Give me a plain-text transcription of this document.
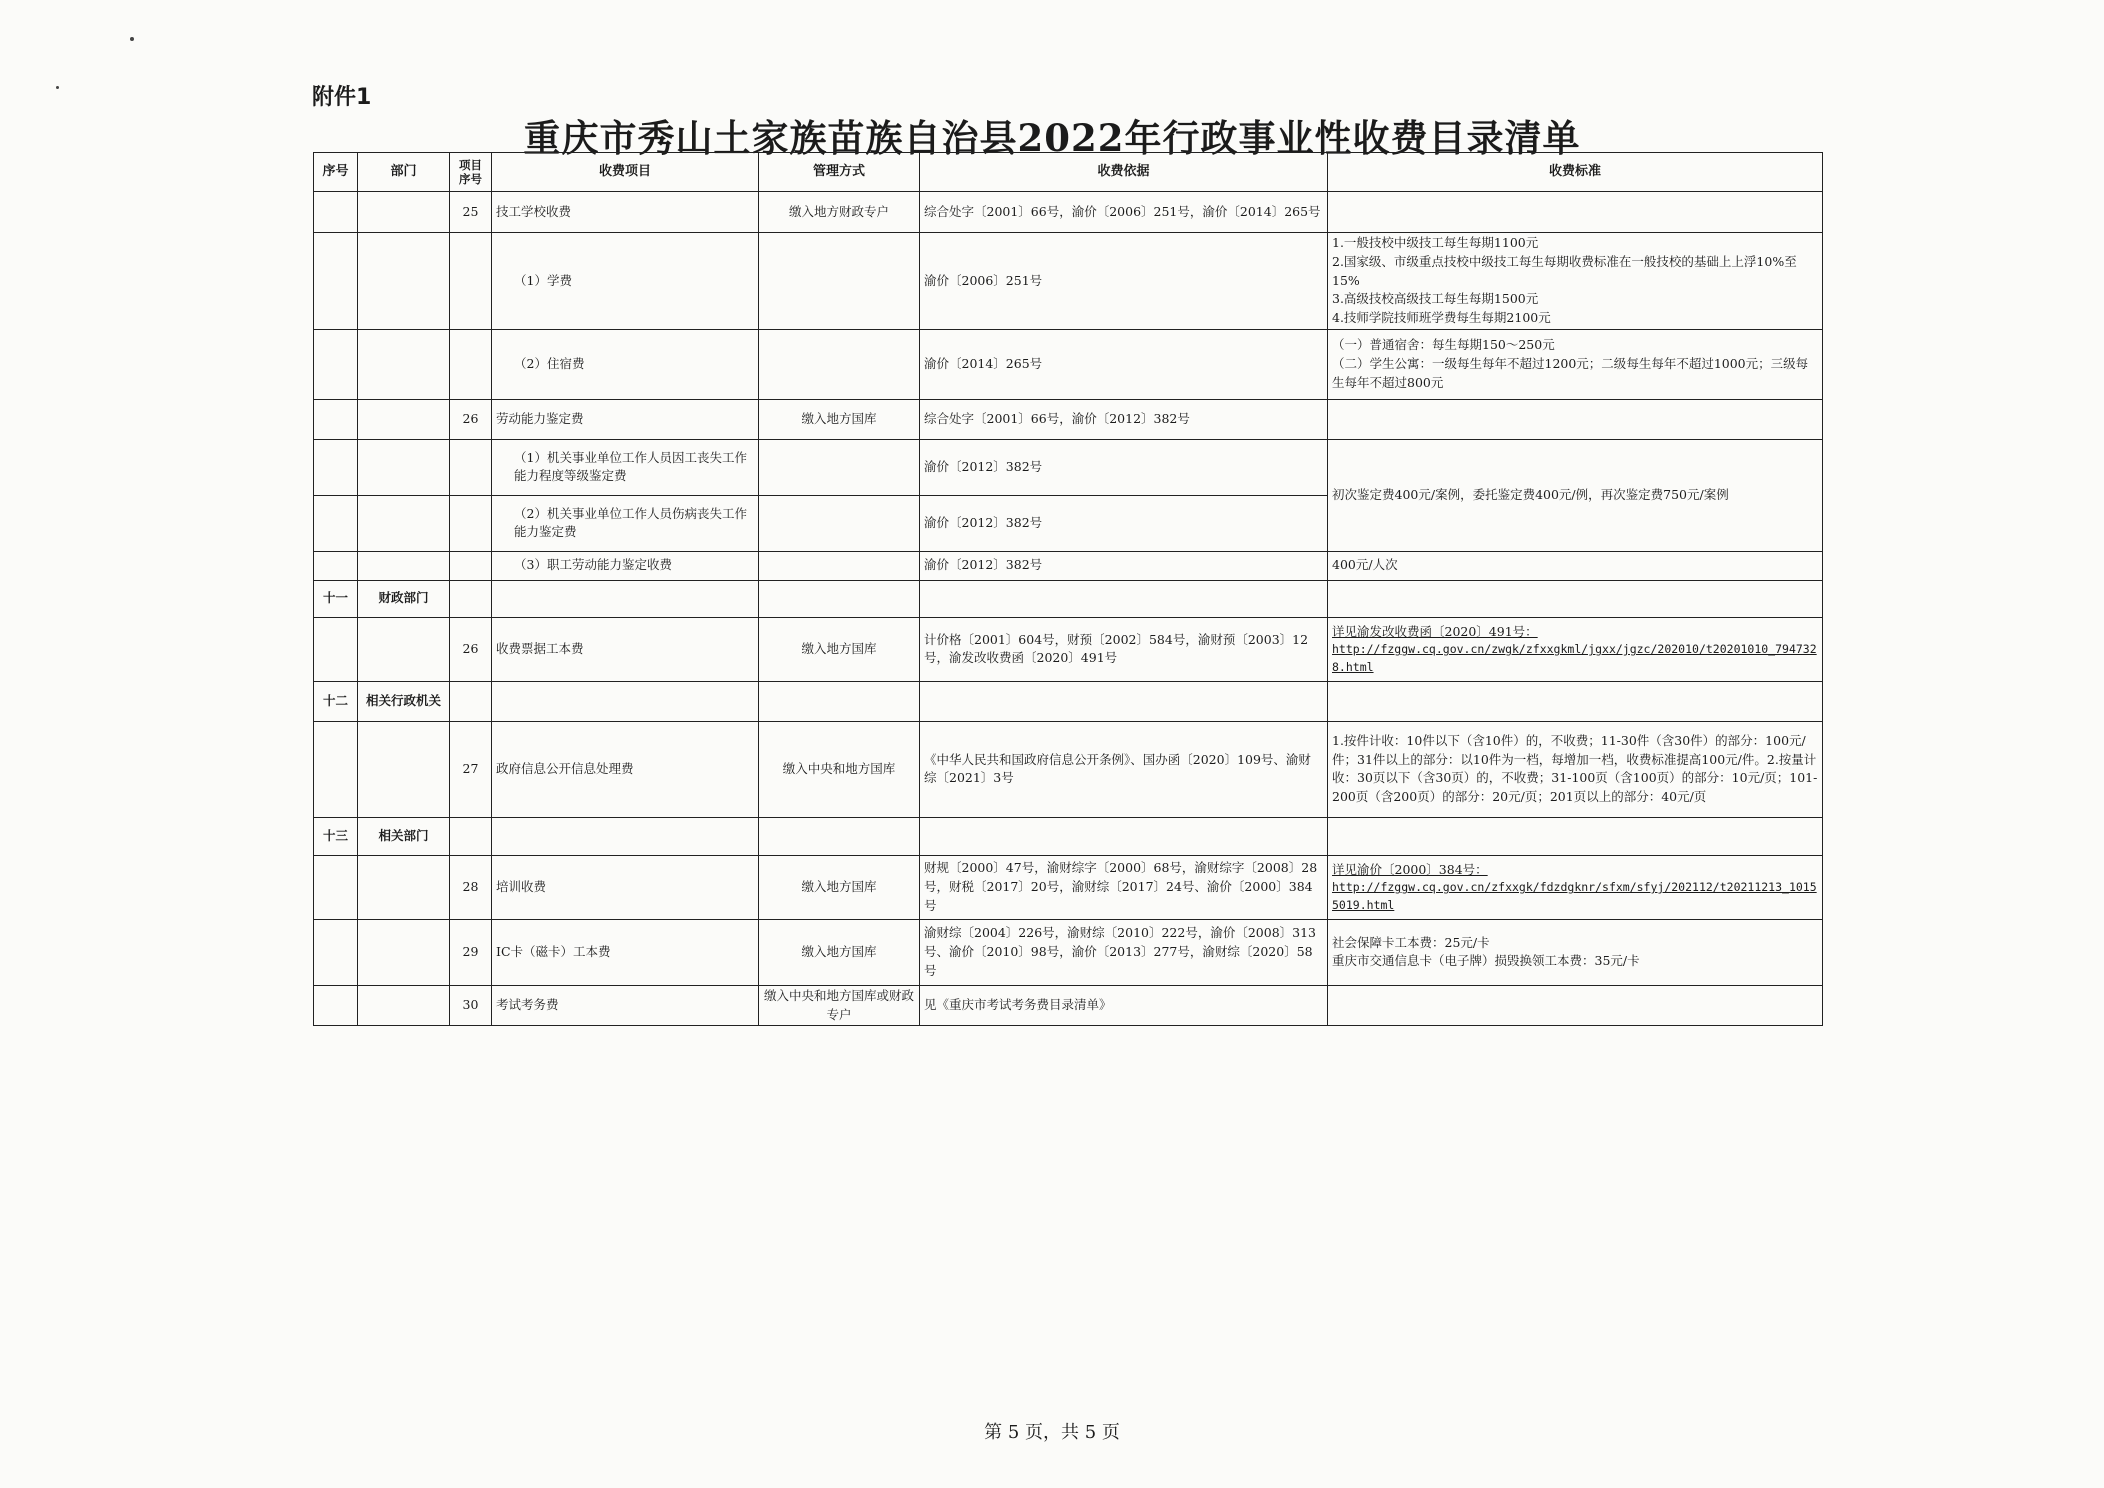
附件1
重庆市秀山土家族苗族自治县2022年行政事业性收费目录清单
序号	部门	项目序号	收费项目	管理方式	收费依据	收费标准
		25	技工学校收费	缴入地方财政专户	综合处字〔2001〕66号，渝价〔2006〕251号，渝价〔2014〕265号	
			（1）学费		渝价〔2006〕251号	1.一般技校中级技工每生每期1100元
2.国家级、市级重点技校中级技工每生每期收费标准在一般技校的基础上上浮10%至15%
3.高级技校高级技工每生每期1500元
4.技师学院技师班学费每生每期2100元

			（2）住宿费		渝价〔2014〕265号	（一）普通宿舍：每生每期150～250元
（二）学生公寓：一级每生每年不超过1200元；二级每生每年不超过1000元；三级每生每年不超过800元

		26	劳动能力鉴定费	缴入地方国库	综合处字〔2001〕66号，渝价〔2012〕382号	
			（1）机关事业单位工作人员因工丧失工作能力程度等级鉴定费		渝价〔2012〕382号	初次鉴定费400元/案例，委托鉴定费400元/例，再次鉴定费750元/案例
			（2）机关事业单位工作人员伤病丧失工作能力鉴定费		渝价〔2012〕382号	
			（3）职工劳动能力鉴定收费		渝价〔2012〕382号	400元/人次
十一	财政部门					
		26	收费票据工本费	缴入地方国库	计价格〔2001〕604号，财预〔2002〕584号，渝财预〔2003〕12号，渝发改收费函〔2020〕491号	详见渝发改收费函〔2020〕491号：
http://fzggw.cq.gov.cn/zwgk/zfxxgkml/jgxx/jgzc/202010/t20201010_7947328.html

十二	相关行政机关					
		27	政府信息公开信息处理费	缴入中央和地方国库	《中华人民共和国政府信息公开条例》、国办函〔2020〕109号、渝财综〔2021〕3号	1.按件计收：10件以下（含10件）的，不收费；11-30件（含30件）的部分：100元/件；31件以上的部分：以10件为一档，每增加一档，收费标准提高100元/件。2.按量计收：30页以下（含30页）的，不收费；31-100页（含100页）的部分：10元/页；101-200页（含200页）的部分：20元/页；201页以上的部分：40元/页
十三	相关部门					
		28	培训收费	缴入地方国库	财规〔2000〕47号，渝财综字〔2000〕68号，渝财综字〔2008〕28号，财税〔2017〕20号，渝财综〔2017〕24号、渝价〔2000〕384号	详见渝价〔2000〕384号：
http://fzggw.cq.gov.cn/zfxxgk/fdzdgknr/sfxm/sfyj/202112/t20211213_10155019.html

		29	IC卡（磁卡）工本费	缴入地方国库	渝财综〔2004〕226号，渝财综〔2010〕222号，渝价〔2008〕313号、渝价〔2010〕98号，渝价〔2013〕277号，渝财综〔2020〕58号	社会保障卡工本费：25元/卡
重庆市交通信息卡（电子牌）损毁换领工本费：35元/卡

		30	考试考务费	缴入中央和地方国库或财政专户	见《重庆市考试考务费目录清单》	
第 5 页，共 5 页
